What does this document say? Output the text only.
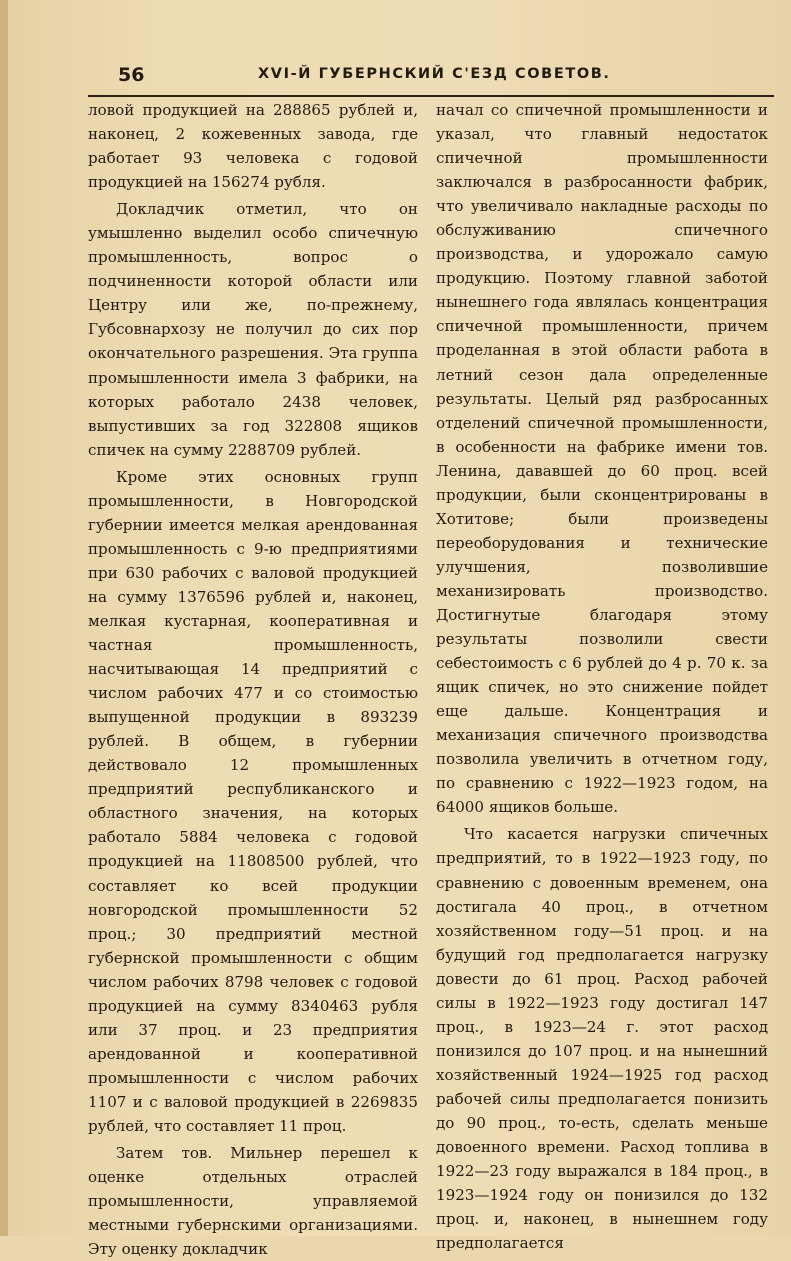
56	XVI-Й ГУБЕРНСКИЙ С'ЕЗД СОВЕТОВ.

ловой продукцией на 288865 рублей и, наконец, 2 кожевенных завода, где работает 93 человека с годовой продукцией на 156274 рубля.

Докладчик отметил, что он умышленно выделил особо спичечную промышленность, вопрос о подчиненности которой области или Центру или же, по-прежнему, Губсовнархозу не получил до сих пор окончательного разрешения. Эта группа промышленности имела 3 фабрики, на которых работало 2438 человек, выпустивших за год 322808 ящиков спичек на сумму 2288709 рублей.

Кроме этих основных групп промышленности, в Новгородской губернии имеется мелкая арендованная промышленность с 9-ю предприятиями при 630 рабочих с валовой продукцией на сумму 1376596 рублей и, наконец, мелкая кустарная, кооперативная и частная промышленность, насчитывающая 14 предприятий с числом рабочих 477 и со стоимостью выпущенной продукции в 893239 рублей. В общем, в губернии действовало 12 промышленных предприятий республиканского и областного значения, на которых работало 5884 человека с годовой продукцией на 11808500 рублей, что составляет ко всей продукции новгородской промышленности 52 проц.; 30 предприятий местной губернской промышленности с общим числом рабочих 8798 человек с годовой продукцией на сумму 8340463 рубля или 37 проц. и 23 предприятия арендованной и кооперативной промышленности с числом рабочих 1107 и с валовой продукцией в 2269835 рублей, что составляет 11 проц.

Затем тов. Мильнер перешел к оценке отдельных отраслей промышленности, управляемой местными губернскими организациями. Эту оценку докладчик

начал со спичечной промышленности и указал, что главный недостаток спичечной промышленности заключался в разбросанности фабрик, что увеличивало накладные расходы по обслуживанию спичечного производства, и удорожало самую продукцию. Поэтому главной заботой нынешнего года являлась концентрация спичечной промышленности, причем проделанная в этой области работа в летний сезон дала определенные результаты. Целый ряд разбросанных отделений спичечной промышленности, в особенности на фабрике имени тов. Ленина, дававшей до 60 проц. всей продукции, были сконцентрированы в Хотитове; были произведены переоборудования и технические улучшения, позволившие механизировать производство. Достигнутые благодаря этому результаты позволили свести себестоимость с 6 рублей до 4 р. 70 к. за ящик спичек, но это снижение пойдет еще дальше. Концентрация и механизация спичечного производства позволила увеличить в отчетном году, по сравнению с 1922—1923 годом, на 64000 ящиков больше.

Что касается нагрузки спичечных предприятий, то в 1922—1923 году, по сравнению с довоенным временем, она достигала 40 проц., в отчетном хозяйственном году—51 проц. и на будущий год предполагается нагрузку довести до 61 проц. Расход рабочей силы в 1922—1923 году достигал 147 проц., в 1923—24 г. этот расход понизился до 107 проц. и на нынешний хозяйственный 1924—1925 год расход рабочей силы предполагается понизить до 90 проц., то-есть, сделать меньше довоенного времени. Расход топлива в 1922—23 году выражался в 184 проц., в 1923—1924 году он понизился до 132 проц. и, наконец, в нынешнем году предполагается
